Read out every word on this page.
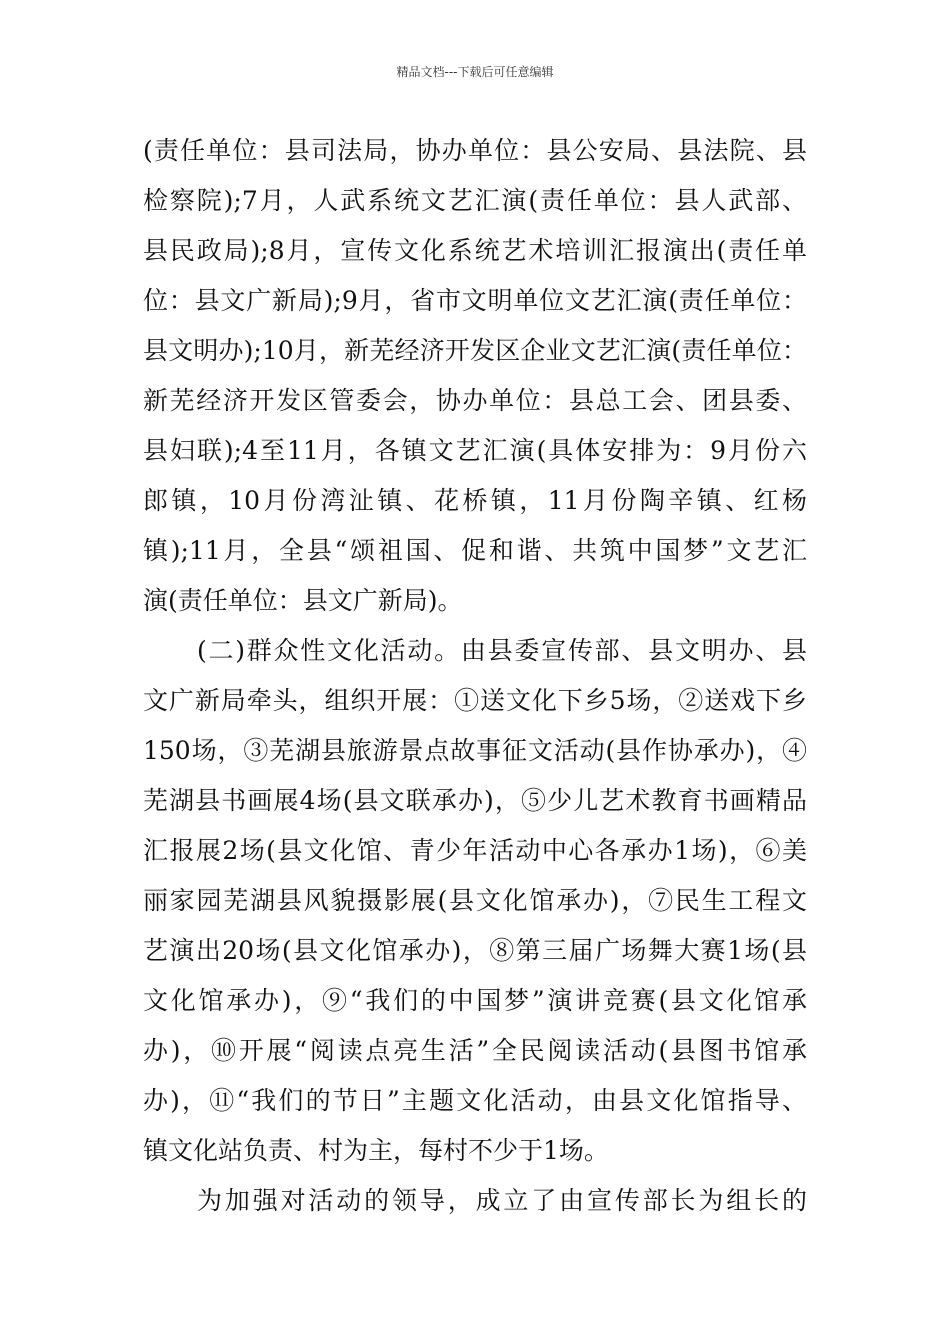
精品文档---下载后可任意编辑
(责任单位：县司法局，协办单位：县公安局、县法院、县
检察院);7月，人武系统文艺汇演(责任单位：县人武部、
县民政局);8月，宣传文化系统艺术培训汇报演出(责任单
位：县文广新局);9月，省市文明单位文艺汇演(责任单位：
县文明办);10月，新芜经济开发区企业文艺汇演(责任单位：
新芜经济开发区管委会，协办单位：县总工会、团县委、
县妇联);4至11月，各镇文艺汇演(具体安排为：9月份六
郎镇，10月份湾沚镇、花桥镇，11月份陶辛镇、红杨
镇);11月，全县“颂祖国、促和谐、共筑中国梦”文艺汇
演(责任单位：县文广新局)。
(二)群众性文化活动。由县委宣传部、县文明办、县
文广新局牵头，组织开展：①送文化下乡5场，②送戏下乡
150场，③芜湖县旅游景点故事征文活动(县作协承办)，④
芜湖县书画展4场(县文联承办)，⑤少儿艺术教育书画精品
汇报展2场(县文化馆、青少年活动中心各承办1场)，⑥美
丽家园芜湖县风貌摄影展(县文化馆承办)，⑦民生工程文
艺演出20场(县文化馆承办)，⑧第三届广场舞大赛1场(县
文化馆承办)，⑨“我们的中国梦”演讲竞赛(县文化馆承
办)，⑩开展“阅读点亮生活”全民阅读活动(县图书馆承
办)，⑪“我们的节日”主题文化活动，由县文化馆指导、
镇文化站负责、村为主，每村不少于1场。
为加强对活动的领导，成立了由宣传部长为组长的
